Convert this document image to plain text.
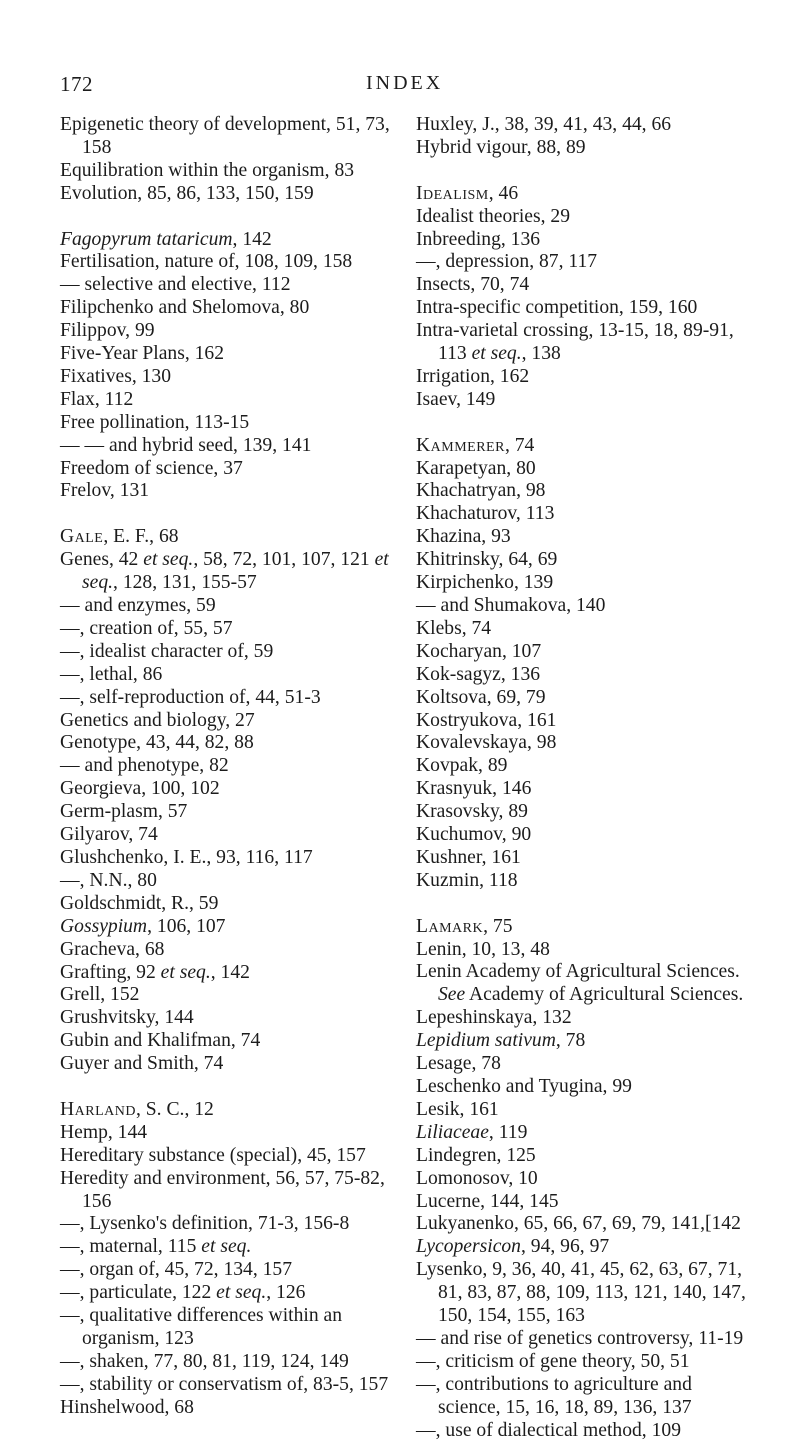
172	INDEX
Epigenetic theory of development, 51, 73, 158
Equilibration within the organism, 83
Evolution, 85, 86, 133, 150, 159
Fagopyrum tataricum, 142
Fertilisation, nature of, 108, 109, 158
— selective and elective, 112
Filipchenko and Shelomova, 80
Filippov, 99
Five-Year Plans, 162
Fixatives, 130
Flax, 112
Free pollination, 113-15
— — and hybrid seed, 139, 141
Freedom of science, 37
Frelov, 131
Gale, E. F., 68
Genes, 42 et seq., 58, 72, 101, 107, 121 et seq., 128, 131, 155-57
— and enzymes, 59
—, creation of, 55, 57
—, idealist character of, 59
—, lethal, 86
—, self-reproduction of, 44, 51-3
Genetics and biology, 27
Genotype, 43, 44, 82, 88
— and phenotype, 82
Georgieva, 100, 102
Germ-plasm, 57
Gilyarov, 74
Glushchenko, I. E., 93, 116, 117
—, N.N., 80
Goldschmidt, R., 59
Gossypium, 106, 107
Gracheva, 68
Grafting, 92 et seq., 142
Grell, 152
Grushvitsky, 144
Gubin and Khalifman, 74
Guyer and Smith, 74
Harland, S. C., 12
Hemp, 144
Hereditary substance (special), 45, 157
Heredity and environment, 56, 57, 75-82, 156
—, Lysenko's definition, 71-3, 156-8
—, maternal, 115 et seq.
—, organ of, 45, 72, 134, 157
—, particulate, 122 et seq., 126
—, qualitative differences within an organism, 123
—, shaken, 77, 80, 81, 119, 124, 149
—, stability or conservatism of, 83-5, 157
Hinshelwood, 68
Huxley, J., 38, 39, 41, 43, 44, 66
Hybrid vigour, 88, 89
Idealism, 46
Idealist theories, 29
Inbreeding, 136
—, depression, 87, 117
Insects, 70, 74
Intra-specific competition, 159, 160
Intra-varietal crossing, 13-15, 18, 89-91, 113 et seq., 138
Irrigation, 162
Isaev, 149
Kammerer, 74
Karapetyan, 80
Khachatryan, 98
Khachaturov, 113
Khazina, 93
Khitrinsky, 64, 69
Kirpichenko, 139
— and Shumakova, 140
Klebs, 74
Kocharyan, 107
Kok-sagyz, 136
Koltsova, 69, 79
Kostryukova, 161
Kovalevskaya, 98
Kovpak, 89
Krasnyuk, 146
Krasovsky, 89
Kuchumov, 90
Kushner, 161
Kuzmin, 118
Lamark, 75
Lenin, 10, 13, 48
Lenin Academy of Agricultural Sciences. See Academy of Agricultural Sciences.
Lepeshinskaya, 132
Lepidium sativum, 78
Lesage, 78
Leschenko and Tyugina, 99
Lesik, 161
Liliaceae, 119
Lindegren, 125
Lomonosov, 10
Lucerne, 144, 145
Lukyanenko, 65, 66, 67, 69, 79, 141,[142
Lycopersicon, 94, 96, 97
Lysenko, 9, 36, 40, 41, 45, 62, 63, 67, 71, 81, 83, 87, 88, 109, 113, 121, 140, 147, 150, 154, 155, 163
— and rise of genetics controversy, 11-19
—, criticism of gene theory, 50, 51
—, contributions to agriculture and science, 15, 16, 18, 89, 136, 137
—, use of dialectical method, 109
